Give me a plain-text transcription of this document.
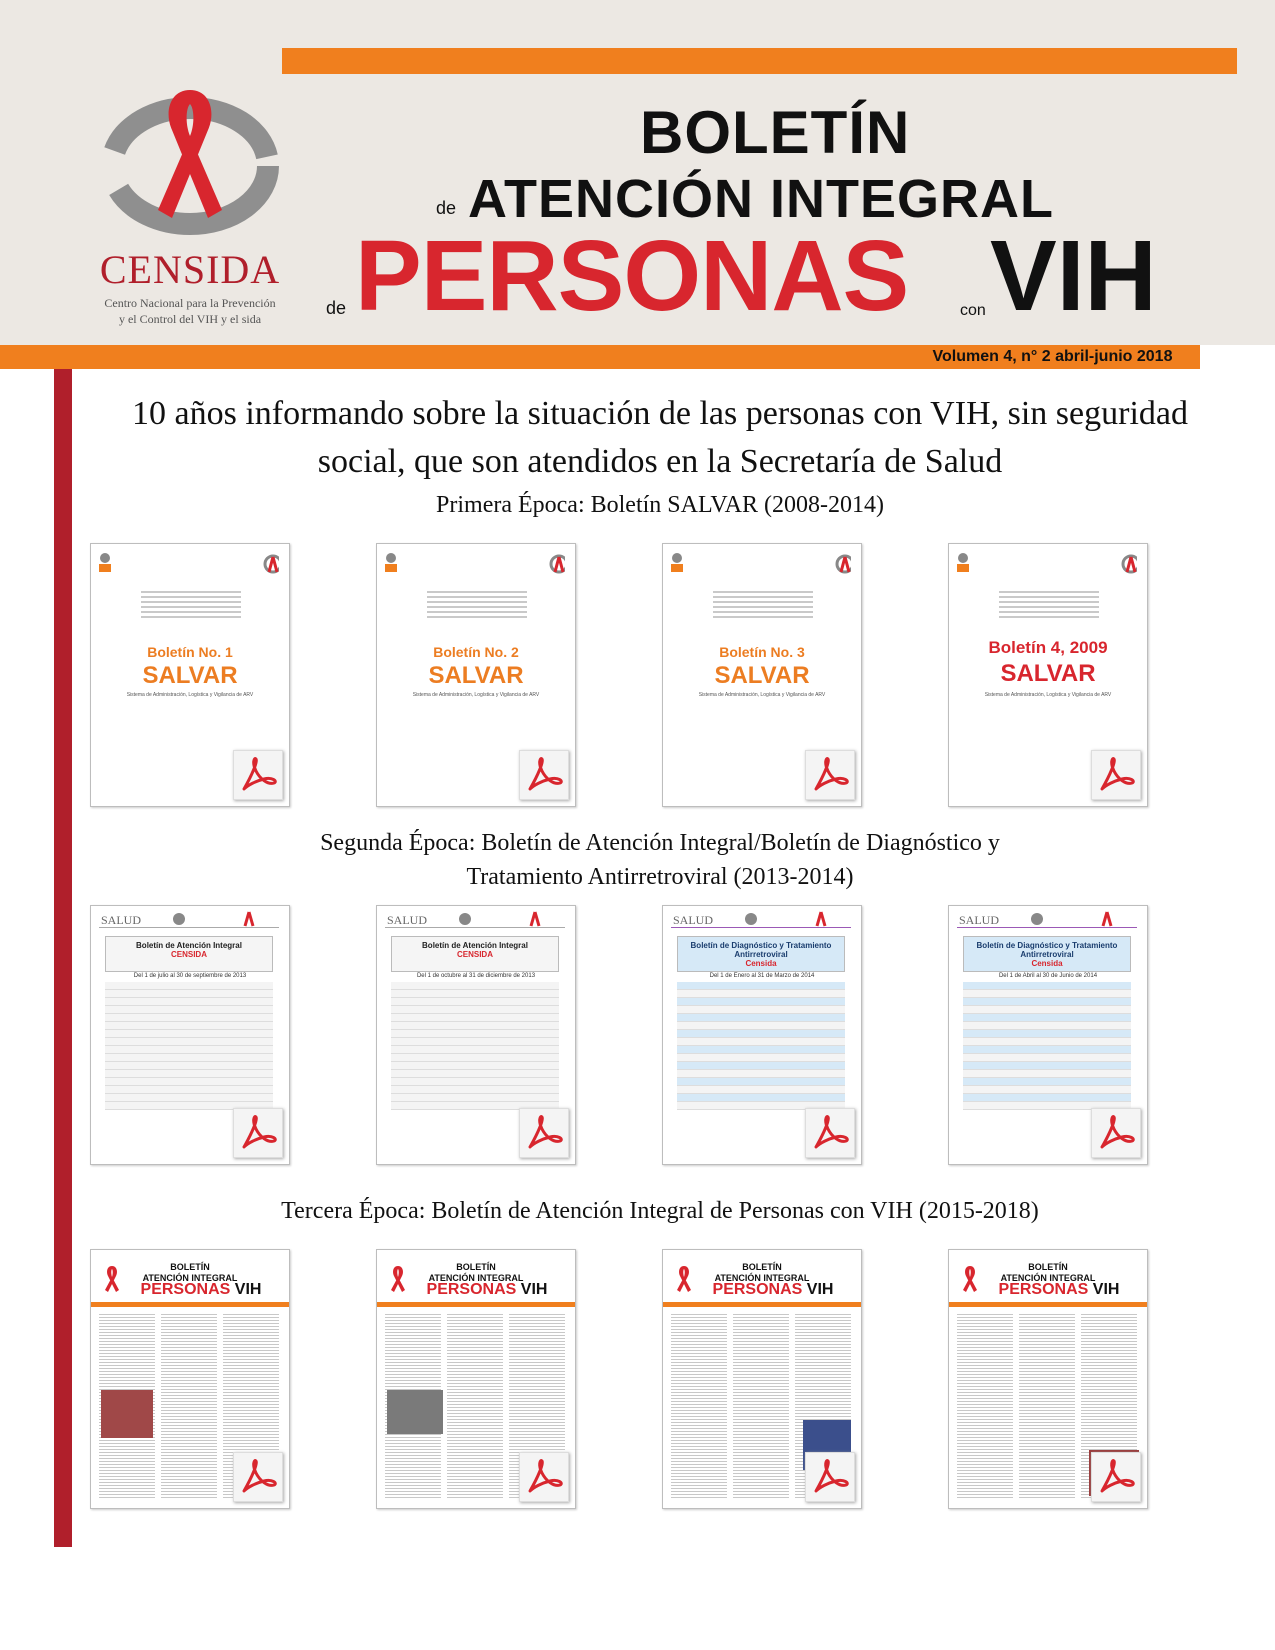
CENSIDA
Centro Nacional para la Prevención
y el Control del VIH y el sida
BOLETÍN
de ATENCIÓN INTEGRAL
de PERSONAS	con VIH
Volumen 4, n° 2 abril-junio 2018
10 años informando sobre la situación de las personas con VIH, sin seguridad social, que son atendidos en la Secretaría de Salud
Primera Época: Boletín SALVAR (2008-2014)
Boletín No. 1
SALVAR
Sistema de Administración, Logística y Vigilancia de ARV
Boletín No. 2
SALVAR
Sistema de Administración, Logística y Vigilancia de ARV
Boletín No. 3
SALVAR
Sistema de Administración, Logística y Vigilancia de ARV
Boletín 4, 2009
SALVAR
Sistema de Administración, Logística y Vigilancia de ARV
Segunda Época: Boletín de Atención Integral/Boletín de Diagnóstico y
Tratamiento Antirretroviral (2013-2014)
SALUD
Boletín de Atención Integral
CENSIDA
Del 1 de julio al 30 de septiembre de 2013
SALUD
Boletín de Atención Integral
CENSIDA
Del 1 de octubre al 31 de diciembre de 2013
SALUD
Boletín de Diagnóstico y Tratamiento Antirretroviral
Censida
Del 1 de Enero al 31 de Marzo de 2014
SALUD
Boletín de Diagnóstico y Tratamiento Antirretroviral
Censida
Del 1 de Abril al 30 de Junio de 2014
Tercera Época: Boletín de Atención Integral de Personas con VIH (2015-2018)
BOLETÍN
ATENCIÓN INTEGRAL
PERSONAS VIH
BOLETÍN
ATENCIÓN INTEGRAL
PERSONAS VIH
BOLETÍN
ATENCIÓN INTEGRAL
PERSONAS VIH
BOLETÍN
ATENCIÓN INTEGRAL
PERSONAS VIH
